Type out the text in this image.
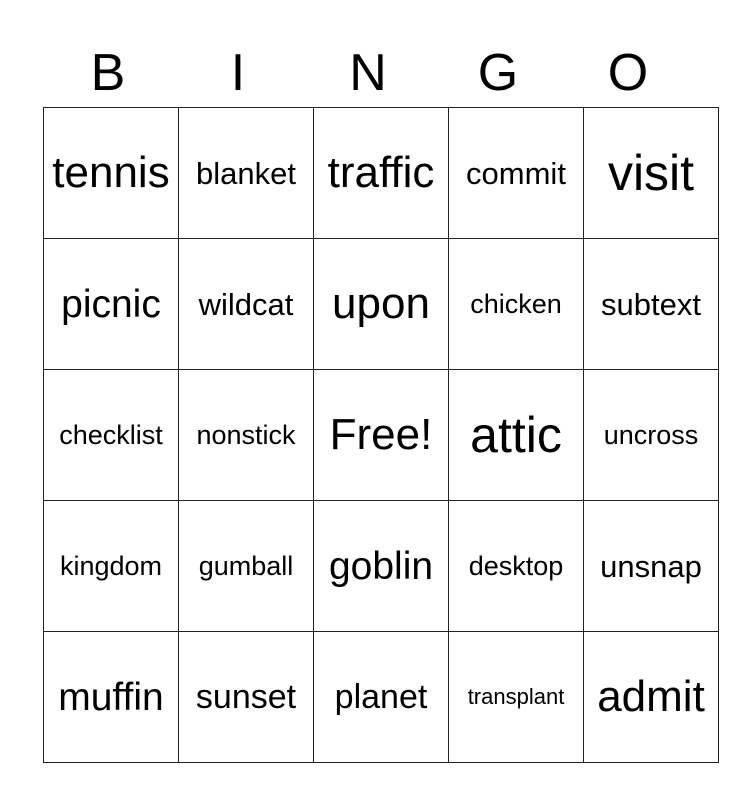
B	I	N	G	O
tennis	blanket	traffic	commit	visit
picnic	wildcat	upon	chicken	subtext
checklist	nonstick	Free!	attic	uncross
kingdom	gumball	goblin	desktop	unsnap
muffin	sunset	planet	transplant	admit
